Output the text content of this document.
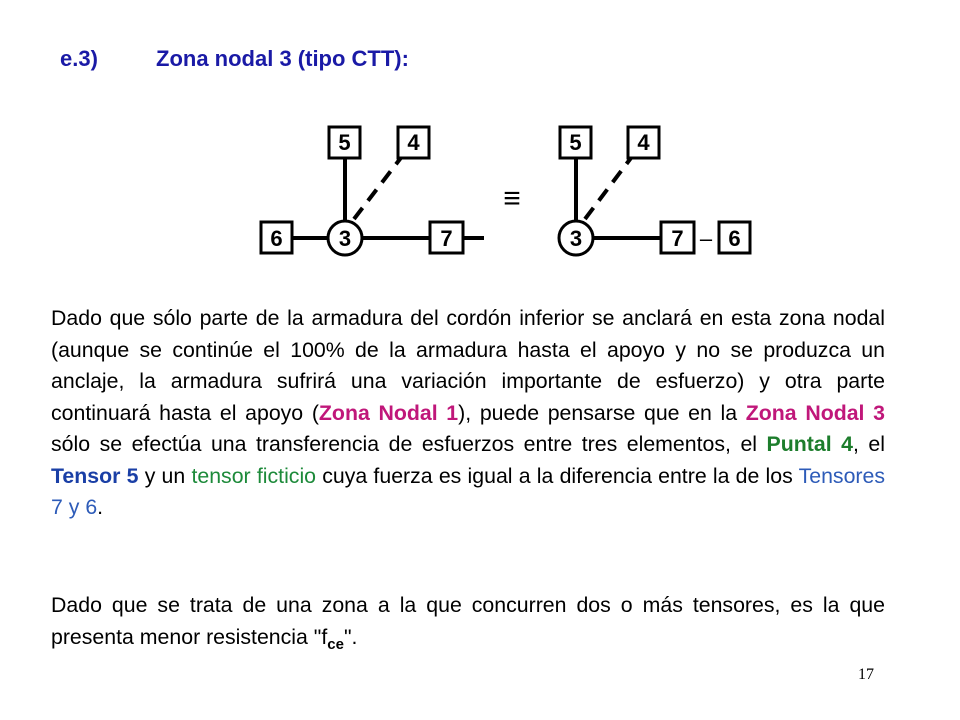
e.3)	Zona nodal 3 (tipo CTT):
3
5	4
6	7
≡
3
5	4
7 – 6

Dado que sólo parte de la armadura del cordón inferior se anclará en esta zona nodal (aunque se continúe el 100% de la armadura hasta el apoyo y no se produzca un anclaje, la armadura sufrirá una variación importante de esfuerzo) y otra parte continuará hasta el apoyo (Zona Nodal 1), puede pensarse que en la Zona Nodal 3 sólo se efectúa una transferencia de esfuerzos entre tres elementos, el Puntal 4, el Tensor 5 y un tensor ficticio cuya fuerza es igual a la diferencia entre la de los Tensores 7 y 6.

Dado que se trata de una zona a la que concurren dos o más tensores, es la que presenta menor resistencia "$f_{ce}$".

17
